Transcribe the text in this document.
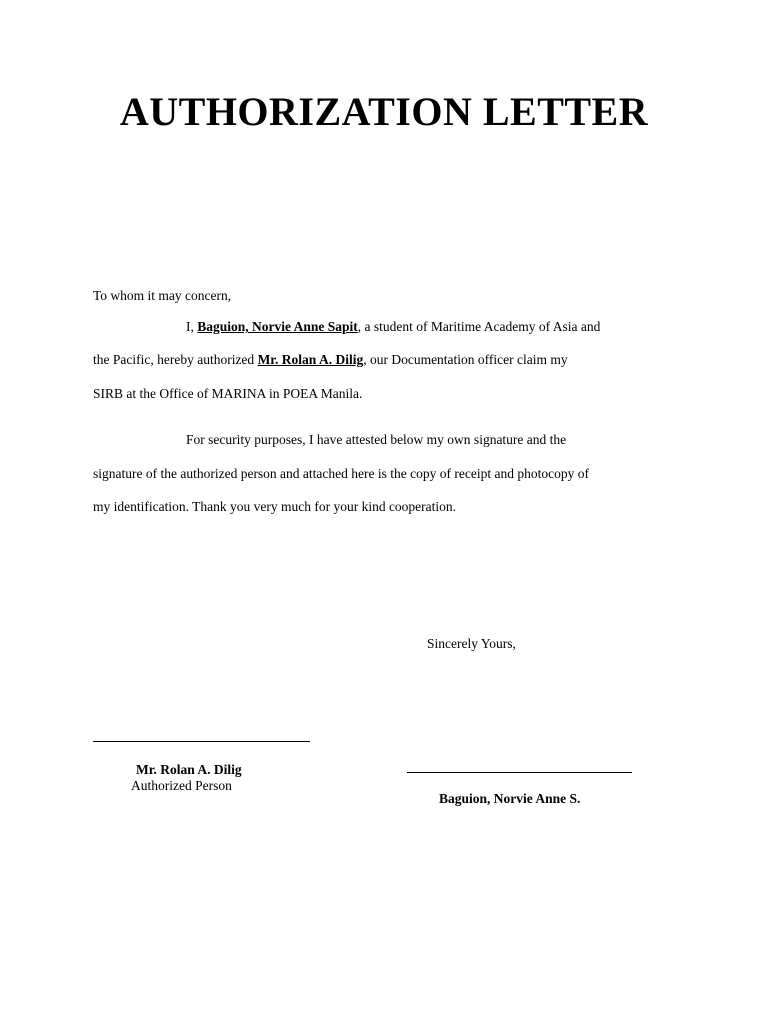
AUTHORIZATION LETTER
To whom it may concern,
I, Baguion, Norvie Anne Sapit, a student of Maritime Academy of Asia and
the Pacific, hereby authorized Mr. Rolan A. Dilig, our Documentation officer claim my
SIRB at the Office of MARINA in POEA Manila.
For security purposes, I have attested below my own signature and the
signature of the authorized person and attached here is the copy of receipt and photocopy of
my identification. Thank you very much for your kind cooperation.
Sincerely Yours,
Mr. Rolan A. Dilig
Authorized Person
Baguion, Norvie Anne S.
